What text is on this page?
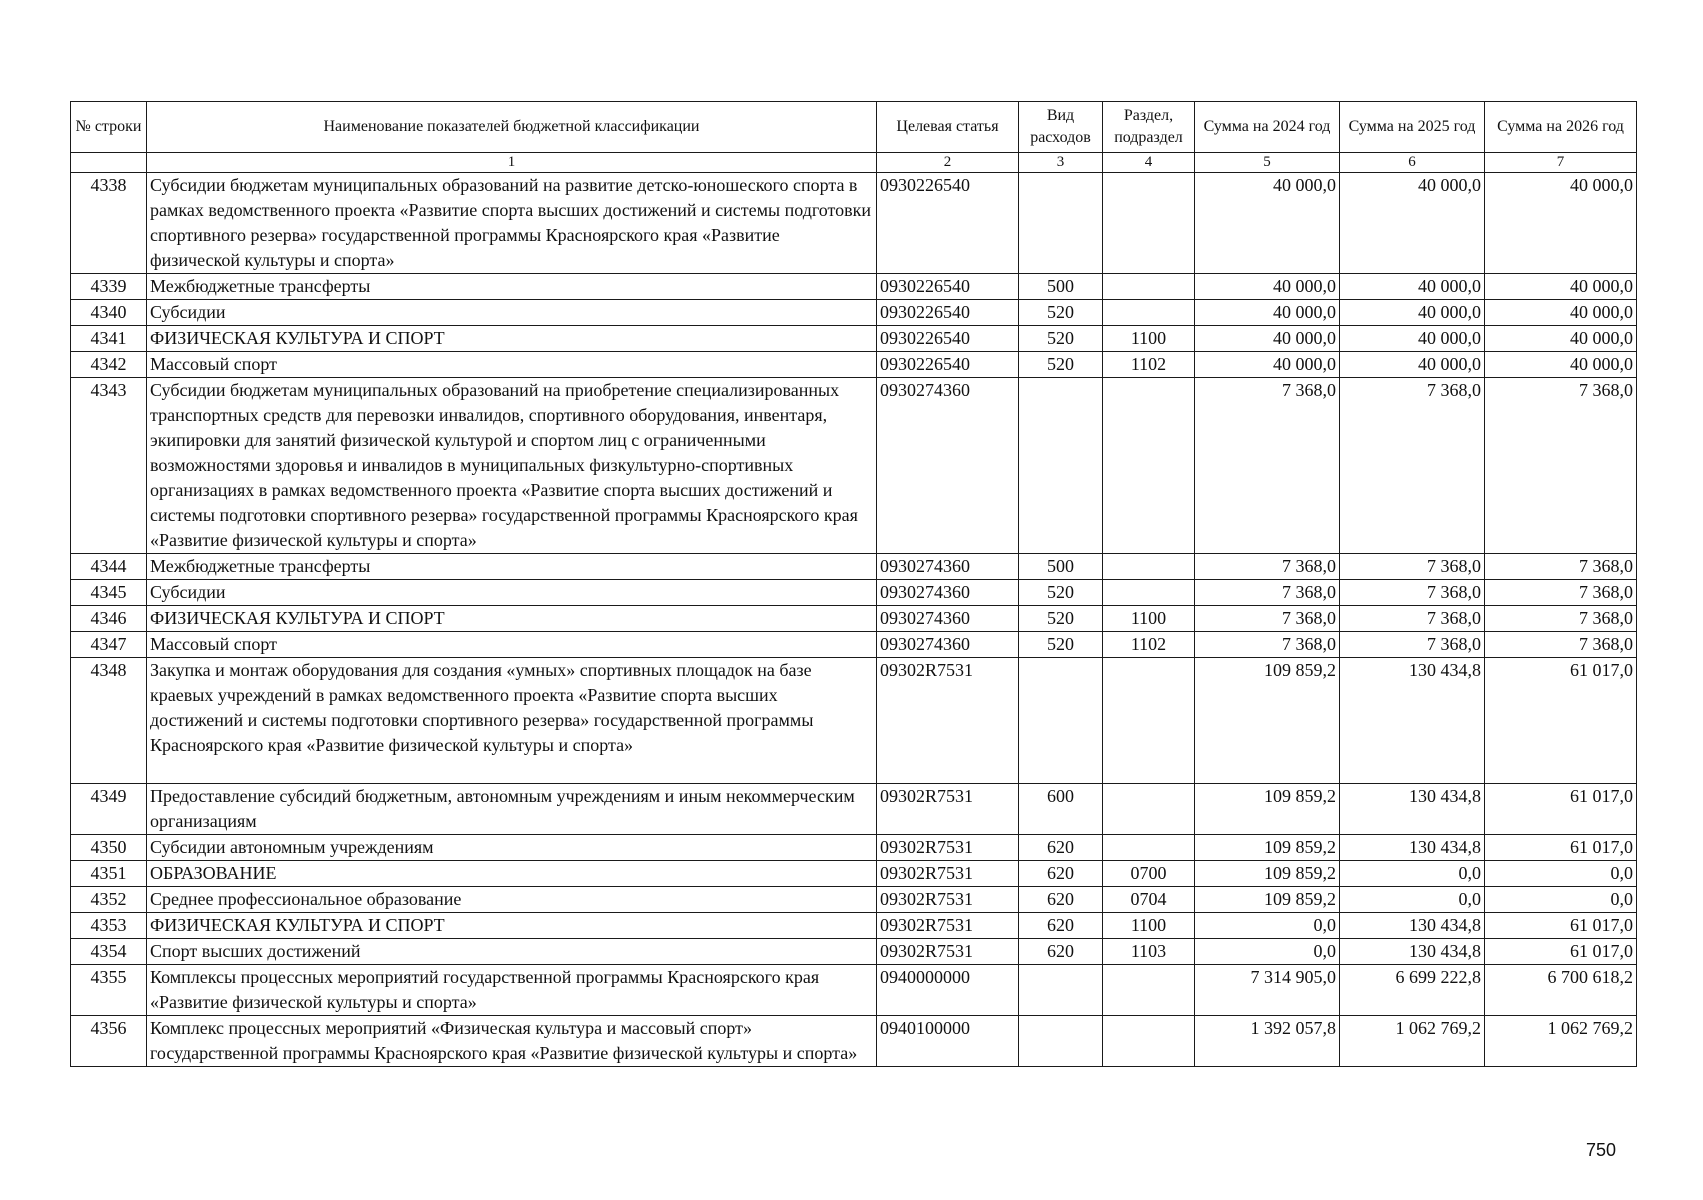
№ строки	Наименование показателей бюджетной классификации	Целевая статья	Вид расходов	Раздел, подраздел	Сумма на 2024 год	Сумма на 2025 год	Сумма на 2026 год
	1	2	3	4	5	6	7
4338	Субсидии бюджетам муниципальных образований на развитие детско-юношеского спорта в рамках ведомственного проекта «Развитие спорта высших достижений и системы подготовки спортивного резерва» государственной программы Красноярского края «Развитие физической культуры и спорта»	0930226540			40 000,0	40 000,0	40 000,0
4339	Межбюджетные трансферты	0930226540	500		40 000,0	40 000,0	40 000,0
4340	Субсидии	0930226540	520		40 000,0	40 000,0	40 000,0
4341	ФИЗИЧЕСКАЯ КУЛЬТУРА И СПОРТ	0930226540	520	1100	40 000,0	40 000,0	40 000,0
4342	Массовый спорт	0930226540	520	1102	40 000,0	40 000,0	40 000,0
4343	Субсидии бюджетам муниципальных образований на приобретение специализированных транспортных средств для перевозки инвалидов, спортивного оборудования, инвентаря, экипировки для занятий физической культурой и спортом лиц с ограниченными возможностями здоровья и инвалидов в муниципальных физкультурно-спортивных организациях в рамках ведомственного проекта «Развитие спорта высших достижений и системы подготовки спортивного резерва» государственной программы Красноярского края «Развитие физической культуры и спорта»	0930274360			7 368,0	7 368,0	7 368,0
4344	Межбюджетные трансферты	0930274360	500		7 368,0	7 368,0	7 368,0
4345	Субсидии	0930274360	520		7 368,0	7 368,0	7 368,0
4346	ФИЗИЧЕСКАЯ КУЛЬТУРА И СПОРТ	0930274360	520	1100	7 368,0	7 368,0	7 368,0
4347	Массовый спорт	0930274360	520	1102	7 368,0	7 368,0	7 368,0
4348	Закупка и монтаж оборудования для создания «умных» спортивных площадок на базе краевых учреждений в рамках ведомственного проекта «Развитие спорта высших достижений и системы подготовки спортивного резерва» государственной программы Красноярского края «Развитие физической культуры и спорта»	09302R7531			109 859,2	130 434,8	61 017,0
4349	Предоставление субсидий бюджетным, автономным учреждениям и иным некоммерческим организациям	09302R7531	600		109 859,2	130 434,8	61 017,0
4350	Субсидии автономным учреждениям	09302R7531	620		109 859,2	130 434,8	61 017,0
4351	ОБРАЗОВАНИЕ	09302R7531	620	0700	109 859,2	0,0	0,0
4352	Среднее профессиональное образование	09302R7531	620	0704	109 859,2	0,0	0,0
4353	ФИЗИЧЕСКАЯ КУЛЬТУРА И СПОРТ	09302R7531	620	1100	0,0	130 434,8	61 017,0
4354	Спорт высших достижений	09302R7531	620	1103	0,0	130 434,8	61 017,0
4355	Комплексы процессных мероприятий государственной программы Красноярского края «Развитие физической культуры и спорта»	0940000000			7 314 905,0	6 699 222,8	6 700 618,2
4356	Комплекс процессных мероприятий «Физическая культура и массовый спорт» государственной программы Красноярского края «Развитие физической культуры и спорта»	0940100000			1 392 057,8	1 062 769,2	1 062 769,2
750
